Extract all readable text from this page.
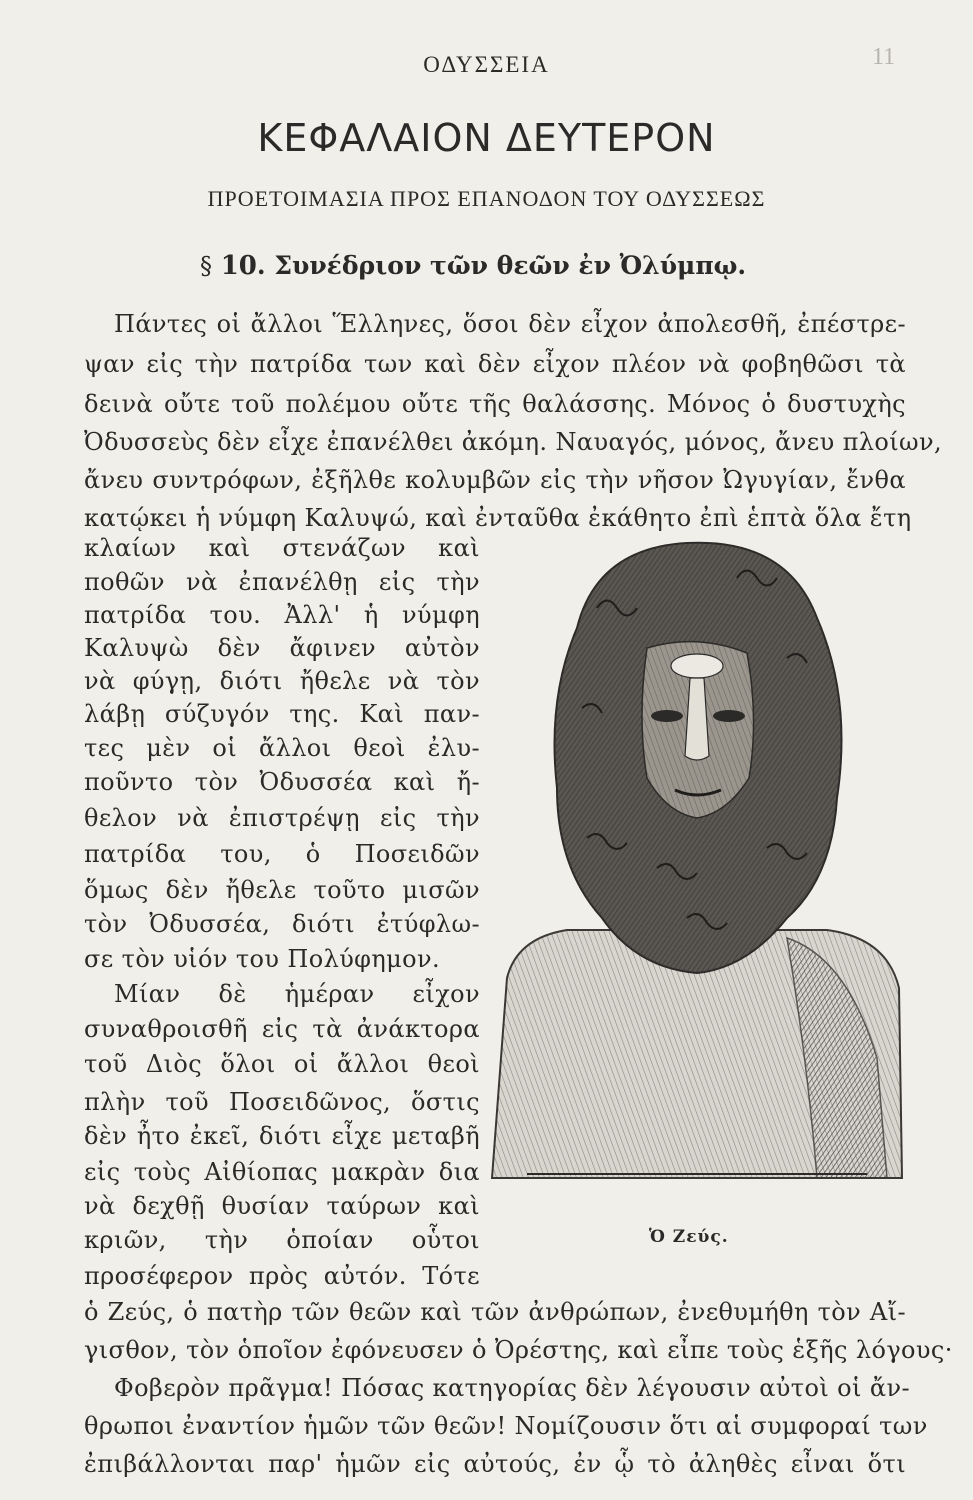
ΟΔΥΣΣΕΙΑ	11
ΚΕΦΑΛΑΙΟΝ ΔΕΥΤΕΡΟΝ
ΠΡΟΕΤΟΙΜΑΣΙΑ ΠΡΟΣ ΕΠΑΝΟΔΟΝ ΤΟΥ ΟΔΥΣΣΕΩΣ
§ 10. Συνέδριον τῶν θεῶν ἐν Ὀλύμπῳ.
Πάντες οἱ ἄλλοι Ἕλληνες, ὅσοι δὲν εἶχον ἀπολεσθῆ, ἐπέστρε-
ψαν εἰς τὴν πατρίδα των καὶ δὲν εἶχον πλέον νὰ φοβηθῶσι τὰ
δεινὰ οὔτε τοῦ πολέμου οὔτε τῆς θαλάσσης. Μόνος ὁ δυστυχὴς
Ὀδυσσεὺς δὲν εἶχε ἐπανέλθει ἀκόμη. Ναυαγός, μόνος, ἄνευ πλοίων,
ἄνευ συντρόφων, ἐξῆλθε κολυμβῶν εἰς τὴν νῆσον Ὠγυγίαν, ἔνθα
κατῴκει ἡ νύμφη Καλυψώ, καὶ ἐνταῦθα ἐκάθητο ἐπὶ ἑπτὰ ὅλα ἔτη
κλαίων καὶ στενάζων καὶ
ποθῶν νὰ ἐπανέλθῃ εἰς τὴν
πατρίδα του. Ἀλλ' ἡ νύμφη
Καλυψὼ δὲν ἄφινεν αὐτὸν
νὰ φύγῃ, διότι ἤθελε νὰ τὸν
λάβῃ σύζυγόν της. Καὶ παν-
τες μὲν οἱ ἄλλοι θεοὶ ἐλυ-
ποῦντο τὸν Ὀδυσσέα καὶ ἤ-
θελον νὰ ἐπιστρέψῃ εἰς τὴν
πατρίδα του, ὁ Ποσειδῶν
ὅμως δὲν ἤθελε τοῦτο μισῶν
τὸν Ὀδυσσέα, διότι ἐτύφλω-
σε τὸν υἱόν του Πολύφημον.
Μίαν δὲ ἡμέραν εἶχον
συναθροισθῆ εἰς τὰ ἀνάκτορα
τοῦ Διὸς ὅλοι οἱ ἄλλοι θεοὶ
πλὴν τοῦ Ποσειδῶνος, ὅστις
δὲν ἦτο ἐκεῖ, διότι εἶχε μεταβῆ
εἰς τοὺς Αἰθίοπας μακρὰν δια
νὰ δεχθῇ θυσίαν ταύρων καὶ
κριῶν, τὴν ὁποίαν οὗτοι
προσέφερον πρὸς αὐτόν. Τότε
ὁ Ζεύς, ὁ πατὴρ τῶν θεῶν καὶ τῶν ἀνθρώπων, ἐνεθυμήθη τὸν Αἴ-
γισθον, τὸν ὁποῖον ἐφόνευσεν ὁ Ὀρέστης, καὶ εἶπε τοὺς ἑξῆς λόγους·
Φοβερὸν πρᾶγμα! Πόσας κατηγορίας δὲν λέγουσιν αὐτοὶ οἱ ἄν-
θρωποι ἐναντίον ἡμῶν τῶν θεῶν! Νομίζουσιν ὅτι αἱ συμφοραί των
ἐπιβάλλονται παρ' ἡμῶν εἰς αὐτούς, ἐν ᾧ τὸ ἀληθὲς εἶναι ὅτι
Ὁ Ζεύς.
